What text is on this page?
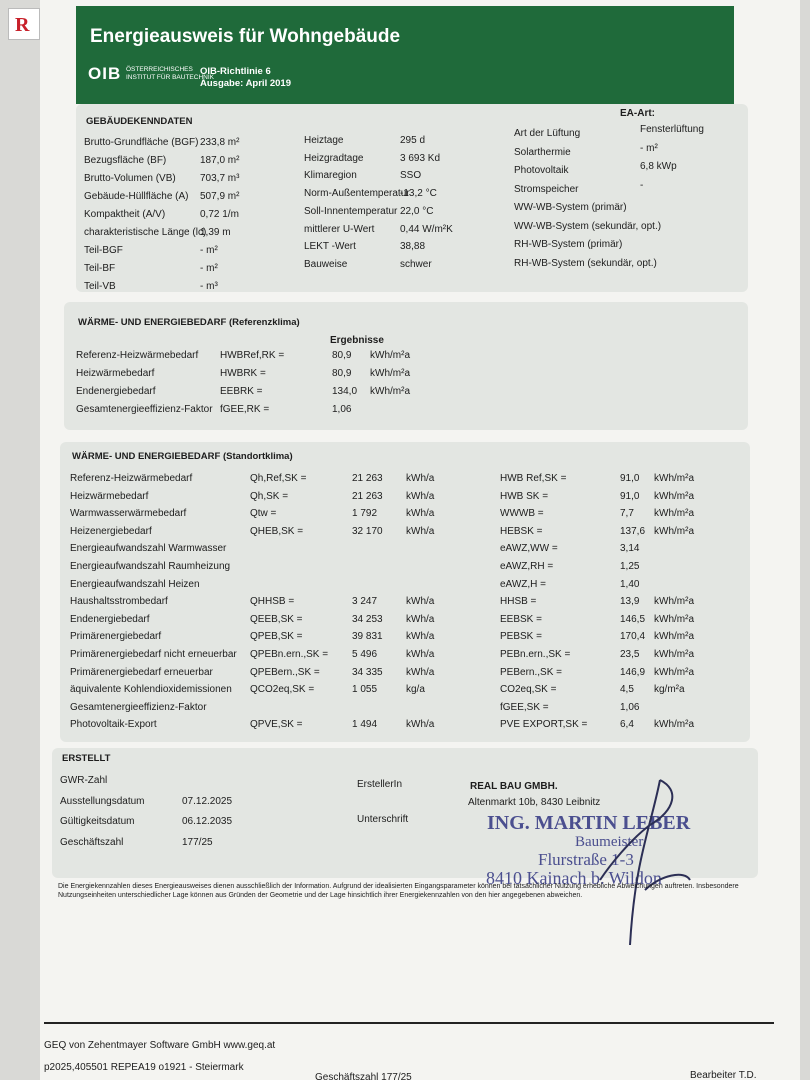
R
Energieausweis für Wohngebäude
OIB ÖSTERREICHISCHES
INSTITUT FÜR BAUTECHNIK
OIB-Richtlinie 6
Ausgabe: April 2019
GEBÄUDEKENNDATEN
EA-Art:
Brutto-Grundfläche (BGF) 233,8 m²
Bezugsfläche (BF)	187,0 m²
Brutto-Volumen (VB) 703,7 m³
Gebäude-Hüllfläche (A) 507,9 m²
Kompaktheit (A/V)	0,72 1/m
charakteristische Länge (lc)
1,39 m
Teil-BGF	- m²
Teil-BF	- m²
Teil-VB	- m³
Heiztage	295 d
Heizgradtage	3 693 Kd
Klimaregion	SSO
Norm-Außentemperatur
-13,2 °C
Soll-Innentemperatur 22,0 °C
mittlerer U-Wert	0,44 W/m²K
LEKT -Wert	38,88
Bauweise	schwer
Art der Lüftung	Fensterlüftung
Solarthermie	- m²
Photovoltaik	6,8 kWp
Stromspeicher	-
WW-WB-System (primär)
WW-WB-System (sekundär, opt.)
RH-WB-System (primär)
RH-WB-System (sekundär, opt.)
WÄRME- UND ENERGIEBEDARF (Referenzklima)
Ergebnisse
Referenz-Heizwärmebedarf HWBRef,RK =	80,9 kWh/m²a
Heizwärmebedarf	HWBRK =	80,9 kWh/m²a
Endenergiebedarf	EEBRK =	134,0 kWh/m²a
Gesamtenergieeffizienz-Faktor fGEE,RK =	1,06
WÄRME- UND ENERGIEBEDARF (Standortklima)
Referenz-Heizwärmebedarf	Qh,Ref,SK =	21 263 kWh/a	HWB Ref,SK =	91,0 kWh/m²a
Heizwärmebedarf	Qh,SK =	21 263 kWh/a	HWB SK =	91,0 kWh/m²a
Warmwasserwärmebedarf	Qtw =	1 792	kWh/a	WWWB =	7,7 kWh/m²a
Heizenergiebedarf	QHEB,SK =	32 170 kWh/a	HEBSK =	137,6 kWh/m²a
Energieaufwandszahl Warmwasser	eAWZ,WW =	3,14
Energieaufwandszahl Raumheizung	eAWZ,RH =	1,25
Energieaufwandszahl Heizen	eAWZ,H =	1,40
Haushaltsstrombedarf	QHHSB =	3 247	kWh/a	HHSB =	13,9 kWh/m²a
Endenergiebedarf	QEEB,SK =	34 253 kWh/a	EEBSK =	146,5 kWh/m²a
Primärenergiebedarf	QPEB,SK =	39 831 kWh/a	PEBSK =	170,4 kWh/m²a
Primärenergiebedarf nicht erneuerbar QPEBn.ern.,SK = 5 496	kWh/a	PEBn.ern.,SK =	23,5 kWh/m²a
Primärenergiebedarf erneuerbar	QPEBern.,SK =	34 335 kWh/a	PEBern.,SK =	146,9 kWh/m²a
äquivalente Kohlendioxidemissionen QCO2eq,SK =	1 055	kg/a	CO2eq,SK =	4,5 kg/m²a
Gesamtenergieeffizienz-Faktor	fGEE,SK =	1,06
Photovoltaik-Export	QPVE,SK =	1 494	kWh/a	PVE EXPORT,SK =	6,4 kWh/m²a
ERSTELLT
GWR-Zahl
Ausstellungsdatum	07.12.2025
Gültigkeitsdatum	06.12.2035
Geschäftszahl	177/25
ErstellerIn
Unterschrift
REAL BAU GMBH.
Altenmarkt 10b, 8430 Leibnitz
ING. MARTIN LEBER
Baumeister
Flurstraße 1-3
8410 Kainach b. Wildon
Die Energiekennzahlen dieses Energieausweises dienen ausschließlich der Information. Aufgrund der idealisierten Eingangsparameter können bei tatsächlicher Nutzung erhebliche Abweichungen auftreten. Insbesondere Nutzungseinheiten unterschiedlicher Lage können aus Gründen der Geometrie und der Lage hinsichtlich ihrer Energiekennzahlen von den hier angegebenen abweichen.
GEQ von Zehentmayer Software GmbH www.geq.at
p2025,405501 REPEA19 o1921 - Steiermark
Geschäftszahl 177/25	Bearbeiter T.D.
